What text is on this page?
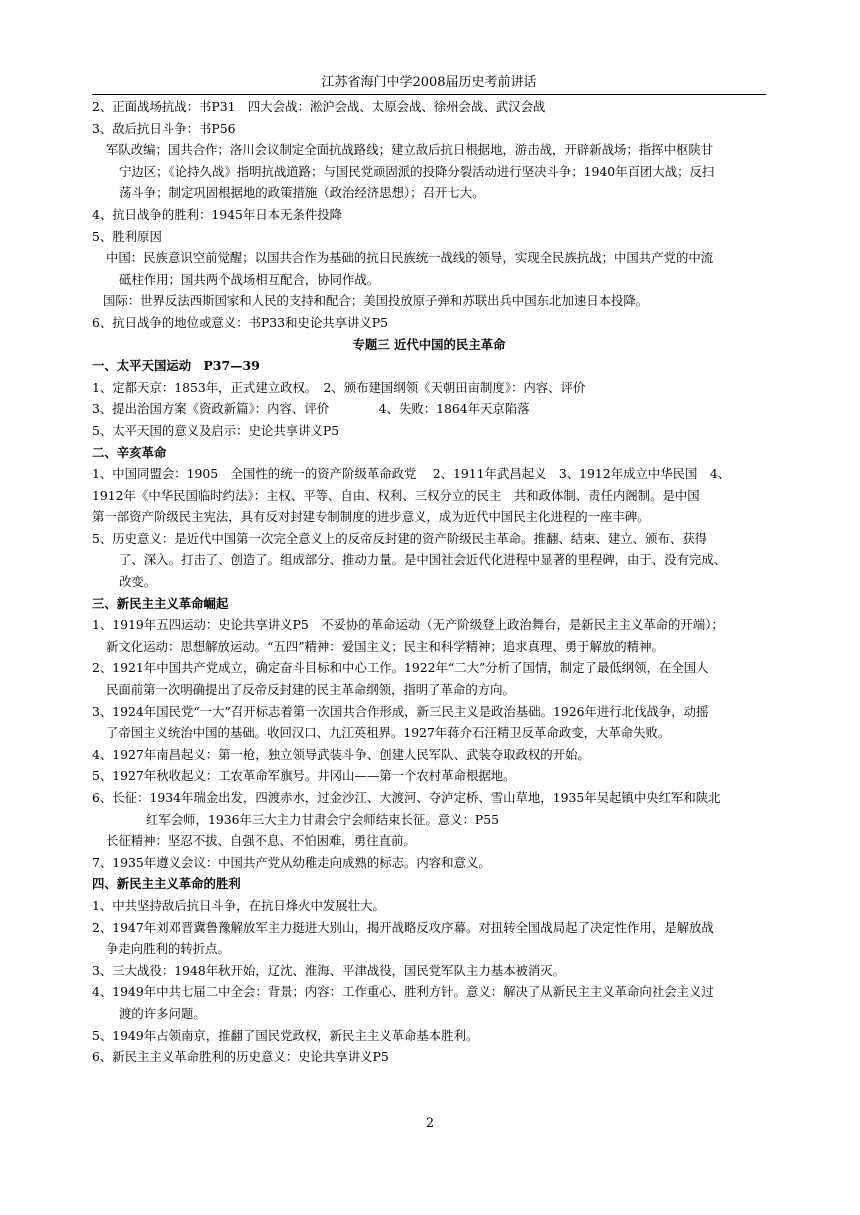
江苏省海门中学2008届历史考前讲话
2、正面战场抗战：书P31　四大会战：淞沪会战、太原会战、徐州会战、武汉会战
3、敌后抗日斗争：书P56
军队改编；国共合作；洛川会议制定全面抗战路线；建立敌后抗日根据地，游击战，开辟新战场；指挥中枢陕甘
宁边区；《论持久战》指明抗战道路；与国民党顽固派的投降分裂活动进行坚决斗争；1940年百团大战；反扫
荡斗争；制定巩固根据地的政策措施（政治经济思想）；召开七大。
4、抗日战争的胜利：1945年日本无条件投降
5、胜利原因
中国：民族意识空前觉醒；以国共合作为基础的抗日民族统一战线的领导，实现全民族抗战；中国共产党的中流
砥柱作用；国共两个战场相互配合，协同作战。
国际：世界反法西斯国家和人民的支持和配合；美国投放原子弹和苏联出兵中国东北加速日本投降。
6、抗日战争的地位或意义：书P33和史论共享讲义P5
专题三 近代中国的民主革命
一、太平天国运动　P37—39
1、定都天京：1853年，正式建立政权。　2、颁布建国纲领《天朝田亩制度》：内容、评价
3、提出治国方案《资政新篇》：内容、评价　　　　4、失败：1864年天京陷落
5、太平天国的意义及启示：史论共享讲义P5
二、辛亥革命
1、中国同盟会：1905　全国性的统一的资产阶级革命政党　 2、1911年武昌起义　3、1912年成立中华民国　4、
1912年《中华民国临时约法》：主权、平等、自由、权利、三权分立的民主　共和政体制、责任内阁制。是中国
第一部资产阶级民主宪法，具有反对封建专制制度的进步意义，成为近代中国民主化进程的一座丰碑。
5、历史意义：是近代中国第一次完全意义上的反帝反封建的资产阶级民主革命。推翻、结束、建立、颁布、获得
了、深入。打击了、创造了。组成部分、推动力量。是中国社会近代化进程中显著的里程碑，由于、没有完成、
改变。
三、新民主主义革命崛起
1、1919年五四运动：史论共享讲义P5　不妥协的革命运动（无产阶级登上政治舞台，是新民主主义革命的开端）；
新文化运动：思想解放运动。“五四”精神：爱国主义；民主和科学精神；追求真理、勇于解放的精神。
2、1921年中国共产党成立，确定奋斗目标和中心工作。1922年“二大”分析了国情，制定了最低纲领，在全国人
民面前第一次明确提出了反帝反封建的民主革命纲领，指明了革命的方向。
3、1924年国民党“一大”召开标志着第一次国共合作形成，新三民主义是政治基础。1926年进行北伐战争，动摇
了帝国主义统治中国的基础。收回汉口、九江英租界。1927年蒋介石汪精卫反革命政变，大革命失败。
4、1927年南昌起义：第一枪，独立领导武装斗争、创建人民军队、武装夺取政权的开始。
5、1927年秋收起义：工农革命军旗号。井冈山——第一个农村革命根据地。
6、长征：1934年瑞金出发，四渡赤水，过金沙江、大渡河、夺泸定桥、雪山草地，1935年吴起镇中央红军和陕北
红军会师，1936年三大主力甘肃会宁会师结束长征。意义：P55
长征精神：坚忍不拔、自强不息、不怕困难，勇往直前。
7、1935年遵义会议：中国共产党从幼稚走向成熟的标志。内容和意义。
四、新民主主义革命的胜利
1、中共坚持敌后抗日斗争，在抗日烽火中发展壮大。
2、1947年刘邓晋冀鲁豫解放军主力挺进大别山，揭开战略反攻序幕。对扭转全国战局起了决定性作用，是解放战
争走向胜利的转折点。
3、三大战役：1948年秋开始，辽沈、淮海、平津战役，国民党军队主力基本被消灭。
4、1949年中共七届二中全会：背景；内容：工作重心、胜利方针。意义：解决了从新民主主义革命向社会主义过
渡的许多问题。
5、1949年占领南京，推翻了国民党政权，新民主主义革命基本胜利。
6、新民主主义革命胜利的历史意义：史论共享讲义P5
2
